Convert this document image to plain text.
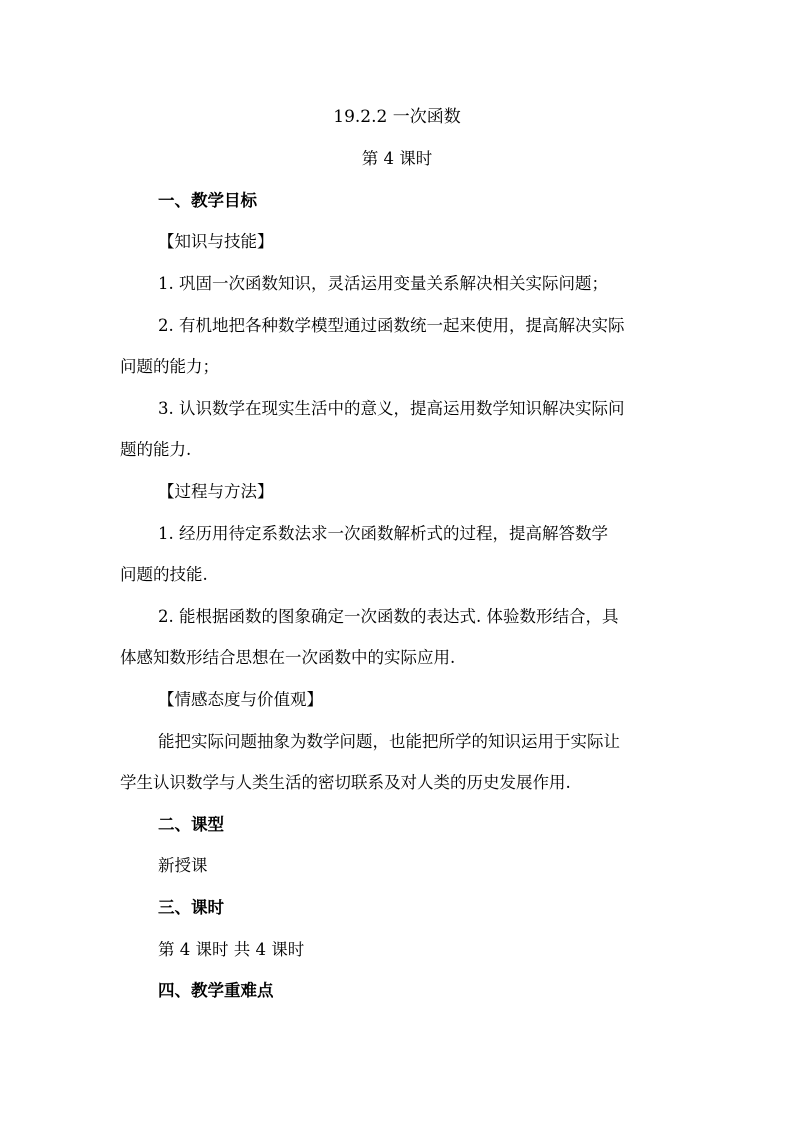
19.2.2 一次函数
第 4 课时
一、教学目标
【知识与技能】
1. 巩固一次函数知识，灵活运用变量关系解决相关实际问题；
2. 有机地把各种数学模型通过函数统一起来使用，提高解决实际
问题的能力；
3. 认识数学在现实生活中的意义，提高运用数学知识解决实际问
题的能力.
【过程与方法】
1. 经历用待定系数法求一次函数解析式的过程，提高解答数学
问题的技能.
2. 能根据函数的图象确定一次函数的表达式. 体验数形结合，具
体感知数形结合思想在一次函数中的实际应用.
【情感态度与价值观】
能把实际问题抽象为数学问题，也能把所学的知识运用于实际让
学生认识数学与人类生活的密切联系及对人类的历史发展作用.
二、课型
新授课
三、课时
第 4 课时 共 4 课时
四、教学重难点
